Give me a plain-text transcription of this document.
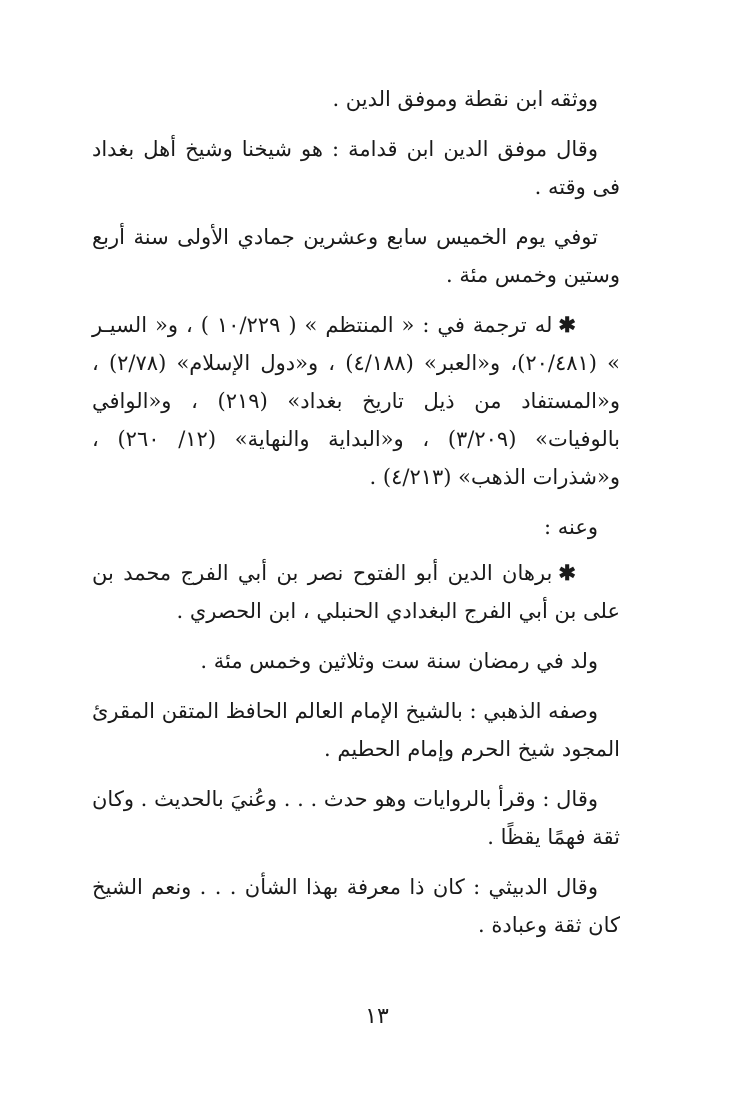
ووثقه ابن نقطة وموفق الدين .

وقال موفق الدين ابن قدامة : هو شيخنا وشيخ أهل بغداد فى وقته .

توفي يوم الخميس سابع وعشرين جمادي الأولى سنة أربع وستين وخمس مئة .

✱له ترجمة في : « المنتظم » ( ١٠/٢٢٩ ) ، و« السيـر » (٢٠/٤٨١)، و«العبر» (٤/١٨٨) ، و«دول الإسلام» (٢/٧٨) ، و«المستفاد من ذيل تاريخ بغداد» (٢١٩) ، و«الوافي بالوفيات» (٣/٢٠٩) ، و«البداية والنهاية» (١٢/ ٢٦٠) ، و«شذرات الذهب» (٤/٢١٣) .

وعنه :

✱برهان الدين أبو الفتوح نصر بن أبي الفرج محمد بن على بن أبي الفرج البغدادي الحنبلي ، ابن الحصري .

ولد في رمضان سنة ست وثلاثين وخمس مئة .

وصفه الذهبي : بالشيخ الإمام العالم الحافظ المتقن المقرئ المجود شيخ الحرم وإمام الحطيم .

وقال : وقرأ بالروايات وهو حدث . . . وعُنيَ بالحديث . وكان ثقة فهمًا يقظًا .

وقال الدبيثي : كان ذا معرفة بهذا الشأن . . . ونعم الشيخ كان ثقة وعبادة .

١٣
